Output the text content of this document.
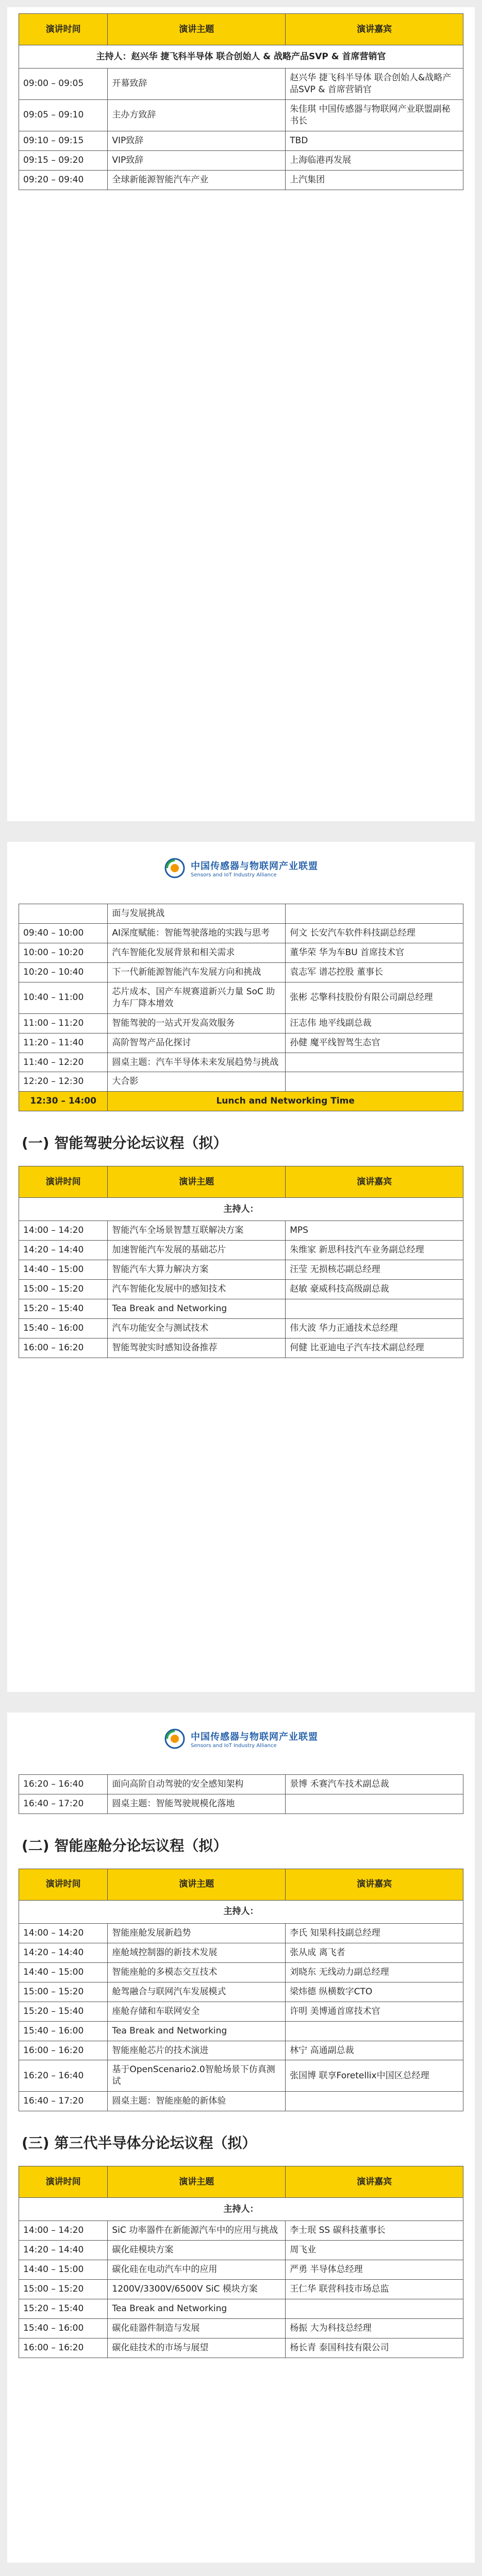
演讲时间	演讲主题	演讲嘉宾
主持人：赵兴华 捷飞科半导体 联合创始人 & 战略产品SVP & 首席营销官		
09:00 – 09:05	开幕致辞	赵兴华 捷飞科半导体 联合创始人&战略产品SVP & 首席营销官
09:05 – 09:10	主办方致辞	朱佳琪 中国传感器与物联网产业联盟副秘书长
09:10 – 09:15	VIP致辞	TBD
09:15 – 09:20	VIP致辞	上海临港再发展
09:20 – 09:40	全球新能源智能汽车产业	上汽集团
中国传感器与物联网产业联盟
Sensors and IoT Industry Alliance
	面与发展挑战	
09:40 – 10:00	AI深度赋能：智能驾驶落地的实践与思考	何文 长安汽车软件科技副总经理
10:00 – 10:20	汽车智能化发展背景和相关需求	董华荣 华为车BU 首席技术官
10:20 – 10:40	下一代新能源智能汽车发展方向和挑战	袁志军 谱芯控股 董事长
10:40 – 11:00	芯片成本、国产车规赛道新兴力量 SoC 助力车厂降本增效	张彬 芯擎科技股份有限公司副总经理
11:00 – 11:20	智能驾驶的一站式开发高效服务	汪志伟 地平线副总裁
11:20 – 11:40	高阶智驾产品化探讨	孙健 魔平线智驾生态官
11:40 – 12:20	圆桌主题：汽车半导体未来发展趋势与挑战	
12:20 – 12:30	大合影	
12:30 – 14:00	Lunch and Networking Time	
(一) 智能驾驶分论坛议程（拟）
演讲时间	演讲主题	演讲嘉宾
主持人：		
14:00 – 14:20	智能汽车全场景智慧互联解决方案	MPS
14:20 – 14:40	加速智能汽车发展的基础芯片	朱维家 新思科技汽车业务副总经理
14:40 – 15:00	智能汽车大算力解决方案	汪莹 无损核芯副总经理
15:00 – 15:20	汽车智能化发展中的感知技术	赵敏 豪威科技高级副总裁
15:20 – 15:40	Tea Break and Networking	
15:40 – 16:00	汽车功能安全与测试技术	伟大波 华力正通技术总经理
16:00 – 16:20	智能驾驶实时感知设备推荐	何健 比亚迪电子汽车技术副总经理
中国传感器与物联网产业联盟
Sensors and IoT Industry Alliance
16:20 – 16:40	面向高阶自动驾驶的安全感知架构	景博 禾赛汽车技术副总裁
16:40 – 17:20	圆桌主题：智能驾驶规模化落地	
(二) 智能座舱分论坛议程（拟）
演讲时间	演讲主题	演讲嘉宾
主持人：		
14:00 – 14:20	智能座舱发展新趋势	李氏 知果科技副总经理
14:20 – 14:40	座舱域控制器的新技术发展	张从成 离飞者
14:40 – 15:00	智能座舱的多模态交互技术	刘晓东 无线动力副总经理
15:00 – 15:20	舱驾融合与联网汽车发展模式	梁炜德 纵横数字CTO
15:20 – 15:40	座舱存储和车联网安全	许明 美博通首席技术官
15:40 – 16:00	Tea Break and Networking	
16:00 – 16:20	智能座舱芯片的技术演进	林宁 高通副总裁
16:20 – 16:40	基于OpenScenario2.0智舱场景下仿真测试	张国博 联享Foretellix中国区总经理
16:40 – 17:20	圆桌主题：智能座舱的新体验	
(三) 第三代半导体分论坛议程（拟）
演讲时间	演讲主题	演讲嘉宾
主持人：		
14:00 – 14:20	SiC 功率器件在新能源汽车中的应用与挑战	李士珉 SS 碳科技董事长
14:20 – 14:40	碳化硅模块方案	周飞业
14:40 – 15:00	碳化硅在电动汽车中的应用	严勇 半导体总经理
15:00 – 15:20	1200V/3300V/6500V SiC 模块方案	王仁华 联营科技市场总监
15:20 – 15:40	Tea Break and Networking	
15:40 – 16:00	碳化硅器件制造与发展	杨振 大为科技总经理
16:00 – 16:20	碳化硅技术的市场与展望	杨长青 泰国科技有限公司
